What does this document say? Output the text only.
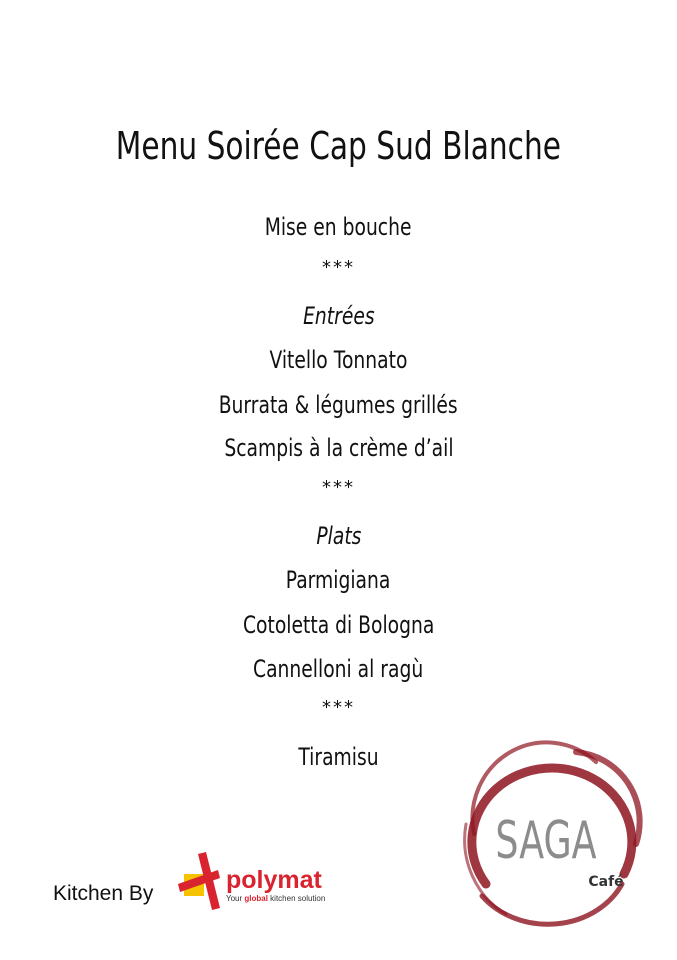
Menu Soirée Cap Sud Blanche
Mise en bouche
***
Entrées
Vitello Tonnato
Burrata & légumes grillés
Scampis à la crème d’ail
***
Plats
Parmigiana
Cotoletta di Bologna
Cannelloni al ragù
***
Tiramisu
Kitchen By	polymat
Your global kitchen solution
SAGA
Café
